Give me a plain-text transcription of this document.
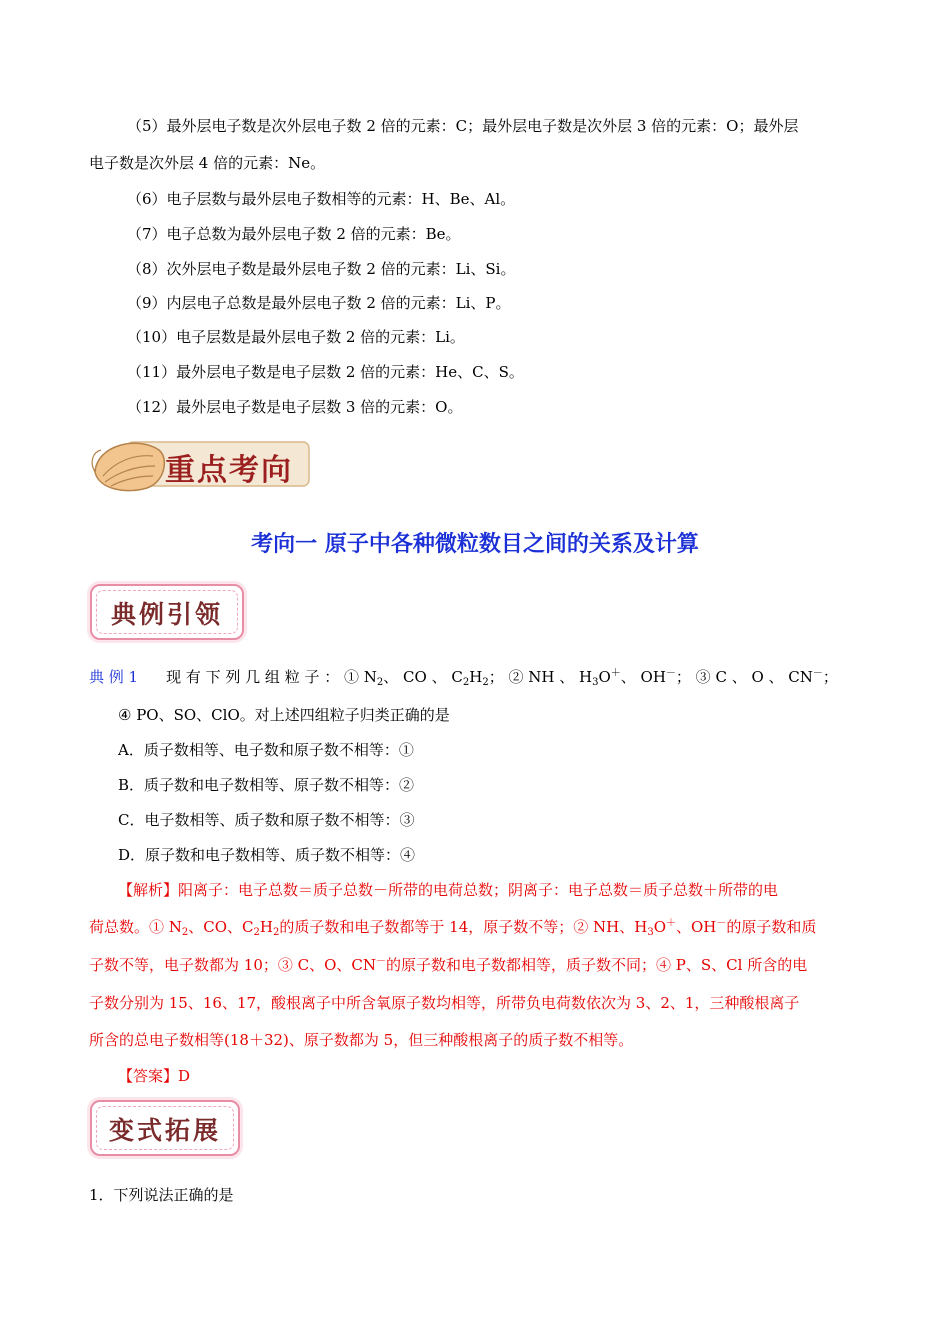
（5）最外层电子数是次外层电子数 2 倍的元素：C；最外层电子数是次外层 3 倍的元素：O；最外层
电子数是次外层 4 倍的元素：Ne。
（6）电子层数与最外层电子数相等的元素：H、Be、Al。
（7）电子总数为最外层电子数 2 倍的元素：Be。
（8）次外层电子数是最外层电子数 2 倍的元素：Li、Si。
（9）内层电子总数是最外层电子数 2 倍的元素：Li、P。
（10）电子层数是最外层电子数 2 倍的元素：Li。
（11）最外层电子数是电子层数 2 倍的元素：He、C、S。
（12）最外层电子数是电子层数 3 倍的元素：O。
重点考向
考向一 原子中各种微粒数目之间的关系及计算
典例引领
典 例 1 现 有 下 列 几 组 粒 子 ： ① $N_2$、 CO 、 $C_2H_2$； ② NH 、 $H_3O^+$、 OH－； ③ C 、 O 、 CN－；
④ PO、SO、ClO。对上述四组粒子归类正确的是
A．质子数相等、电子数和原子数不相等：①
B．质子数和电子数相等、原子数不相等：②
C．电子数相等、质子数和原子数不相等：③
D．原子数和电子数相等、质子数不相等：④
【解析】阳离子：电子总数＝质子总数－所带的电荷总数；阴离子：电子总数＝质子总数＋所带的电
荷总数。① $N_2$、CO、$C_2H_2$的质子数和电子数都等于 14，原子数不等；② NH、$H_3O^+$、OH－的原子数和质
子数不等，电子数都为 10；③ C、O、CN－的原子数和电子数都相等，质子数不同；④ P、S、Cl 所含的电
子数分别为 15、16、17，酸根离子中所含氧原子数均相等，所带负电荷数依次为 3、2、1，三种酸根离子
所含的总电子数相等(18＋32)、原子数都为 5，但三种酸根离子的质子数不相等。
【答案】D
变式拓展
1．下列说法正确的是
